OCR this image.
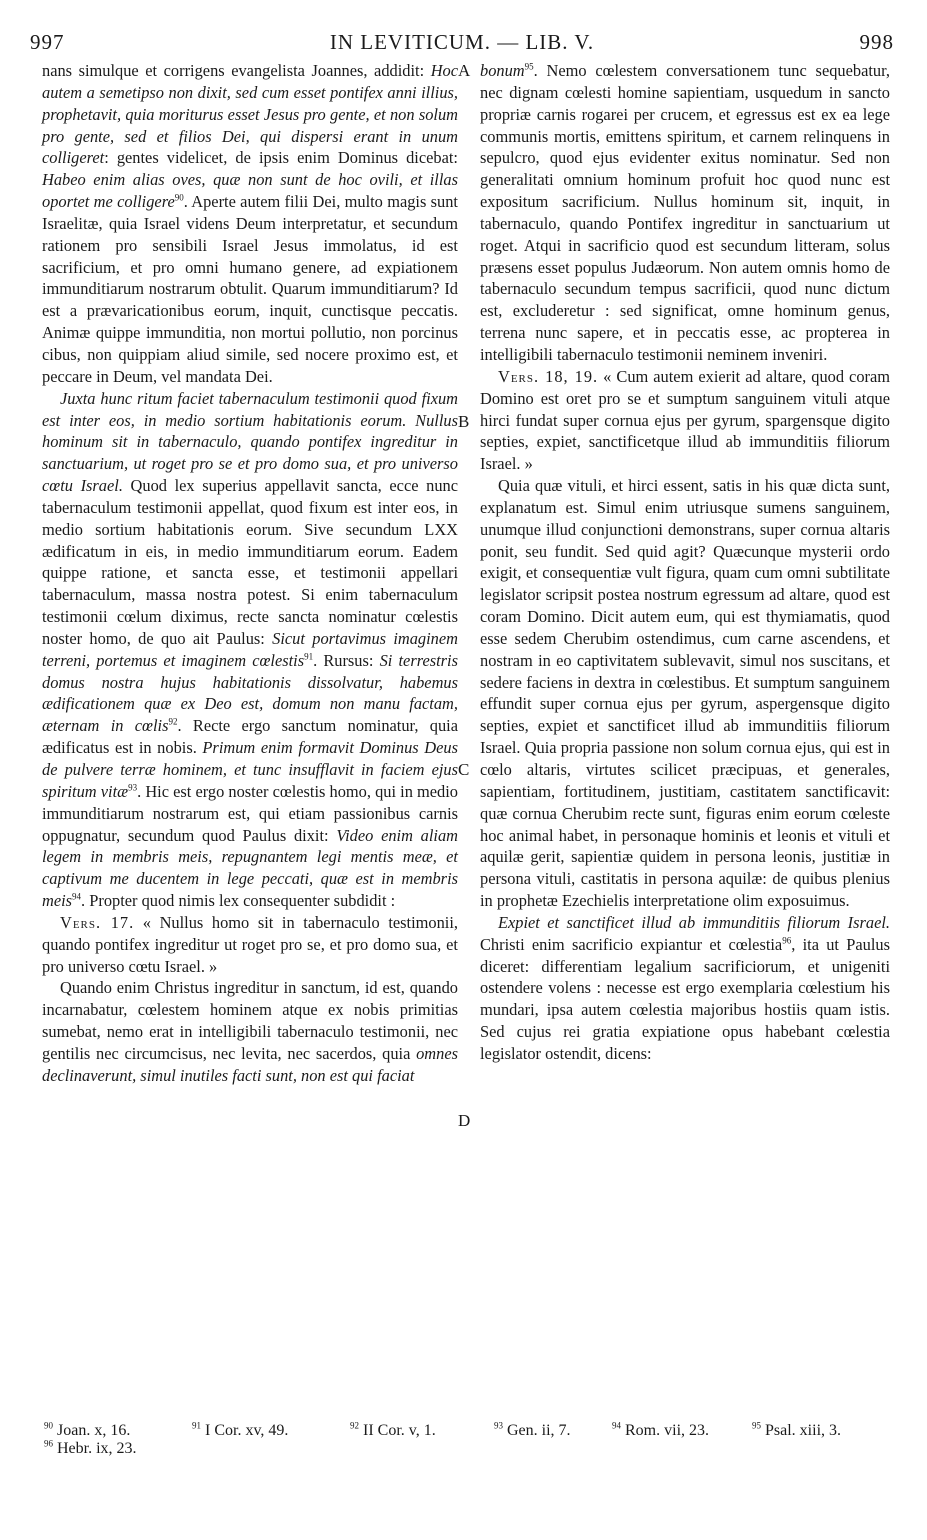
997	IN LEVITICUM. — LIB. V.	998
A
B
C
D

nans simulque et corrigens evangelista Joannes, addidit: Hoc autem a semetipso non dixit, sed cum esset pontifex anni illius, prophetavit, quia moriturus esset Jesus pro gente, et non solum pro gente, sed et filios Dei, qui dispersi erant in unum colligeret: gentes videlicet, de ipsis enim Dominus dicebat: Habeo enim alias oves, quæ non sunt de hoc ovili, et illas oportet me colligere$^{90}$. Aperte autem filii Dei, multo magis sunt Israelitæ, quia Israel videns Deum interpretatur, et secundum rationem pro sensibili Israel Jesus immolatus, id est sacrificium, et pro omni humano genere, ad expiationem immunditiarum nostrarum obtulit. Quarum immunditiarum? Id est a prævaricationibus eorum, inquit, cunctisque peccatis. Animæ quippe immunditia, non mortui pollutio, non porcinus cibus, non quippiam aliud simile, sed nocere proximo est, et peccare in Deum, vel mandata Dei.

Juxta hunc ritum faciet tabernaculum testimonii quod fixum est inter eos, in medio sortium habitationis eorum. Nullus hominum sit in tabernaculo, quando pontifex ingreditur in sanctuarium, ut roget pro se et pro domo sua, et pro universo cœtu Israel. Quod lex superius appellavit sancta, ecce nunc tabernaculum testimonii appellat, quod fixum est inter eos, in medio sortium habitationis eorum. Sive secundum LXX ædificatum in eis, in medio immunditiarum eorum. Eadem quippe ratione, et sancta esse, et testimonii appellari tabernaculum, massa nostra potest. Si enim tabernaculum testimonii cœlum diximus, recte sancta nominatur cœlestis noster homo, de quo ait Paulus: Sicut portavimus imaginem terreni, portemus et imaginem cœlestis$^{91}$. Rursus: Si terrestris domus nostra hujus habitationis dissolvatur, habemus ædificationem quæ ex Deo est, domum non manu factam, æternam in cœlis$^{92}$. Recte ergo sanctum nominatur, quia ædificatus est in nobis. Primum enim formavit Dominus Deus de pulvere terræ hominem, et tunc insufflavit in faciem ejus spiritum vitæ$^{93}$. Hic est ergo noster cœlestis homo, qui in medio immunditiarum nostrarum est, qui etiam passionibus carnis oppugnatur, secundum quod Paulus dixit: Video enim aliam legem in membris meis, repugnantem legi mentis meæ, et captivum me ducentem in lege peccati, quæ est in membris meis$^{94}$. Propter quod nimis lex consequenter subdidit :

Vers. 17. « Nullus homo sit in tabernaculo testimonii, quando pontifex ingreditur ut roget pro se, et pro domo sua, et pro universo cœtu Israel. »

Quando enim Christus ingreditur in sanctum, id est, quando incarnabatur, cœlestem hominem atque ex nobis primitias sumebat, nemo erat in intelligibili tabernaculo testimonii, nec gentilis nec circumcisus, nec levita, nec sacerdos, quia omnes declinaverunt, simul inutiles facti sunt, non est qui faciat

bonum$^{95}$. Nemo cœlestem conversationem tunc sequebatur, nec dignam cœlesti homine sapientiam, usquedum in sancto propriæ carnis rogarei per crucem, et egressus est ex ea lege communis mortis, emittens spiritum, et carnem relinquens in sepulcro, quod ejus evidenter exitus nominatur. Sed non generalitati omnium hominum profuit hoc quod nunc est expositum sacrificium. Nullus hominum sit, inquit, in tabernaculo, quando Pontifex ingreditur in sanctuarium ut roget. Atqui in sacrificio quod est secundum litteram, solus præsens esset populus Judæorum. Non autem omnis homo de tabernaculo secundum tempus sacrificii, quod nunc dictum est, excluderetur : sed significat, omne hominum genus, terrena nunc sapere, et in peccatis esse, ac propterea in intelligibili tabernaculo testimonii neminem inveniri.

Vers. 18, 19. « Cum autem exierit ad altare, quod coram Domino est oret pro se et sumptum sanguinem vituli atque hirci fundat super cornua ejus per gyrum, spargensque digito septies, expiet, sanctificetque illud ab immunditiis filiorum Israel. »

Quia quæ vituli, et hirci essent, satis in his quæ dicta sunt, explanatum est. Simul enim utriusque sumens sanguinem, unumque illud conjunctioni demonstrans, super cornua altaris ponit, seu fundit. Sed quid agit? Quæcunque mysterii ordo exigit, et consequentiæ vult figura, quam cum omni subtilitate legislator scripsit postea nostrum egressum ad altare, quod est coram Domino. Dicit autem eum, qui est thymiamatis, quod esse sedem Cherubim ostendimus, cum carne ascendens, et nostram in eo captivitatem sublevavit, simul nos suscitans, et sedere faciens in dextra in cœlestibus. Et sumptum sanguinem effundit super cornua ejus per gyrum, aspergensque digito septies, expiet et sanctificet illud ab immunditiis filiorum Israel. Quia propria passione non solum cornua ejus, qui est in cœlo altaris, virtutes scilicet præcipuas, et generales, sapientiam, fortitudinem, justitiam, castitatem sanctificavit: quæ cornua Cherubim recte sunt, figuras enim eorum cœleste hoc animal habet, in personaque hominis et leonis et vituli et aquilæ gerit, sapientiæ quidem in persona leonis, justitiæ in persona vituli, castitatis in persona aquilæ: de quibus plenius in prophetæ Ezechielis interpretatione olim exposuimus.

Expiet et sanctificet illud ab immunditiis filiorum Israel. Christi enim sacrificio expiantur et cœlestia$^{96}$, ita ut Paulus diceret: differentiam legalium sacrificiorum, et unigeniti ostendere volens : necesse est ergo exemplaria cœlestium his mundari, ipsa autem cœlestia majoribus hostiis quam istis. Sed cujus rei gratia expiatione opus habebant cœlestia legislator ostendit, dicens:

$^{90}$ Joan. x, 16.	$^{91}$ I Cor. xv, 49.	$^{92}$ II Cor. v, 1.	$^{93}$ Gen. ii, 7.	$^{94}$ Rom. vii, 23.	$^{95}$ Psal. xiii, 3.
$^{96}$ Hebr. ix, 23.
